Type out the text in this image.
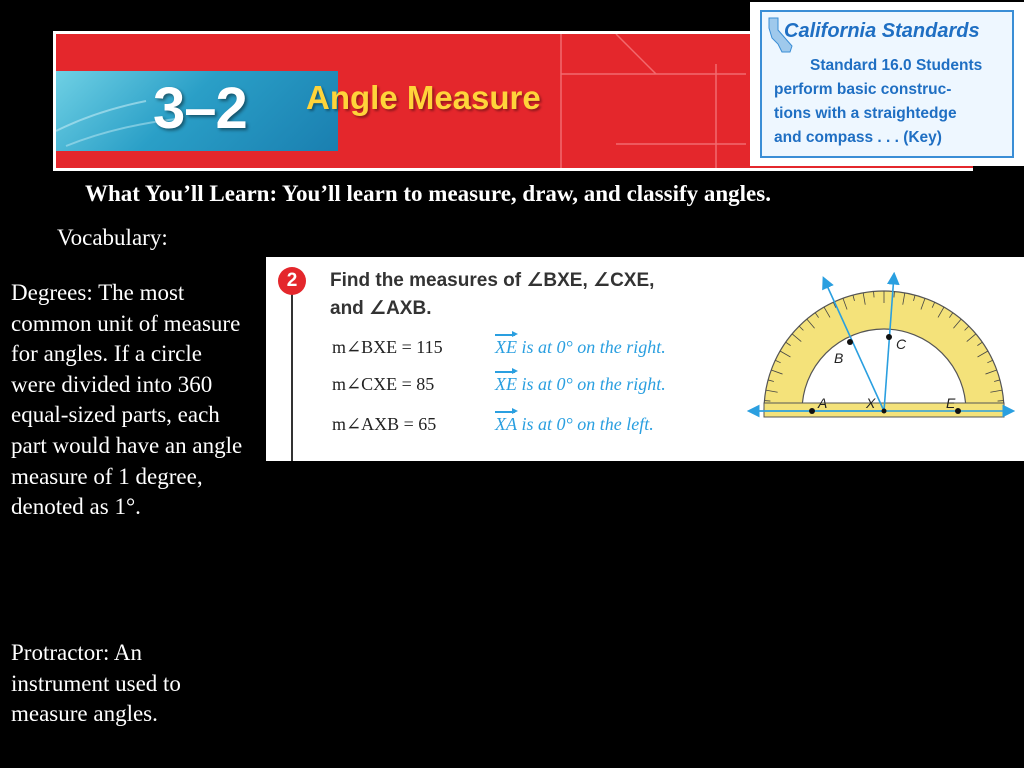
3–2 Angle Measure
California Standards
Standard 16.0 Students
perform basic construc-
tions with a straightedge
and compass . . . (Key)
What You’ll Learn: You’ll learn to measure, draw, and classify angles.
Vocabulary:
Degrees: The most common unit of measure for angles. If a circle were divided into 360 equal-sized parts, each part would have an angle measure of 1 degree, denoted as 1°.
Protractor: An instrument used to measure angles.
2	Find the measures of ∠BXE, ∠CXE,
and ∠AXB.
m∠BXE = 115	XE is at 0° on the right.
m∠CXE = 85	XE is at 0° on the right.
m∠AXB = 65	XA is at 0° on the left.
A	X	E
B
C
